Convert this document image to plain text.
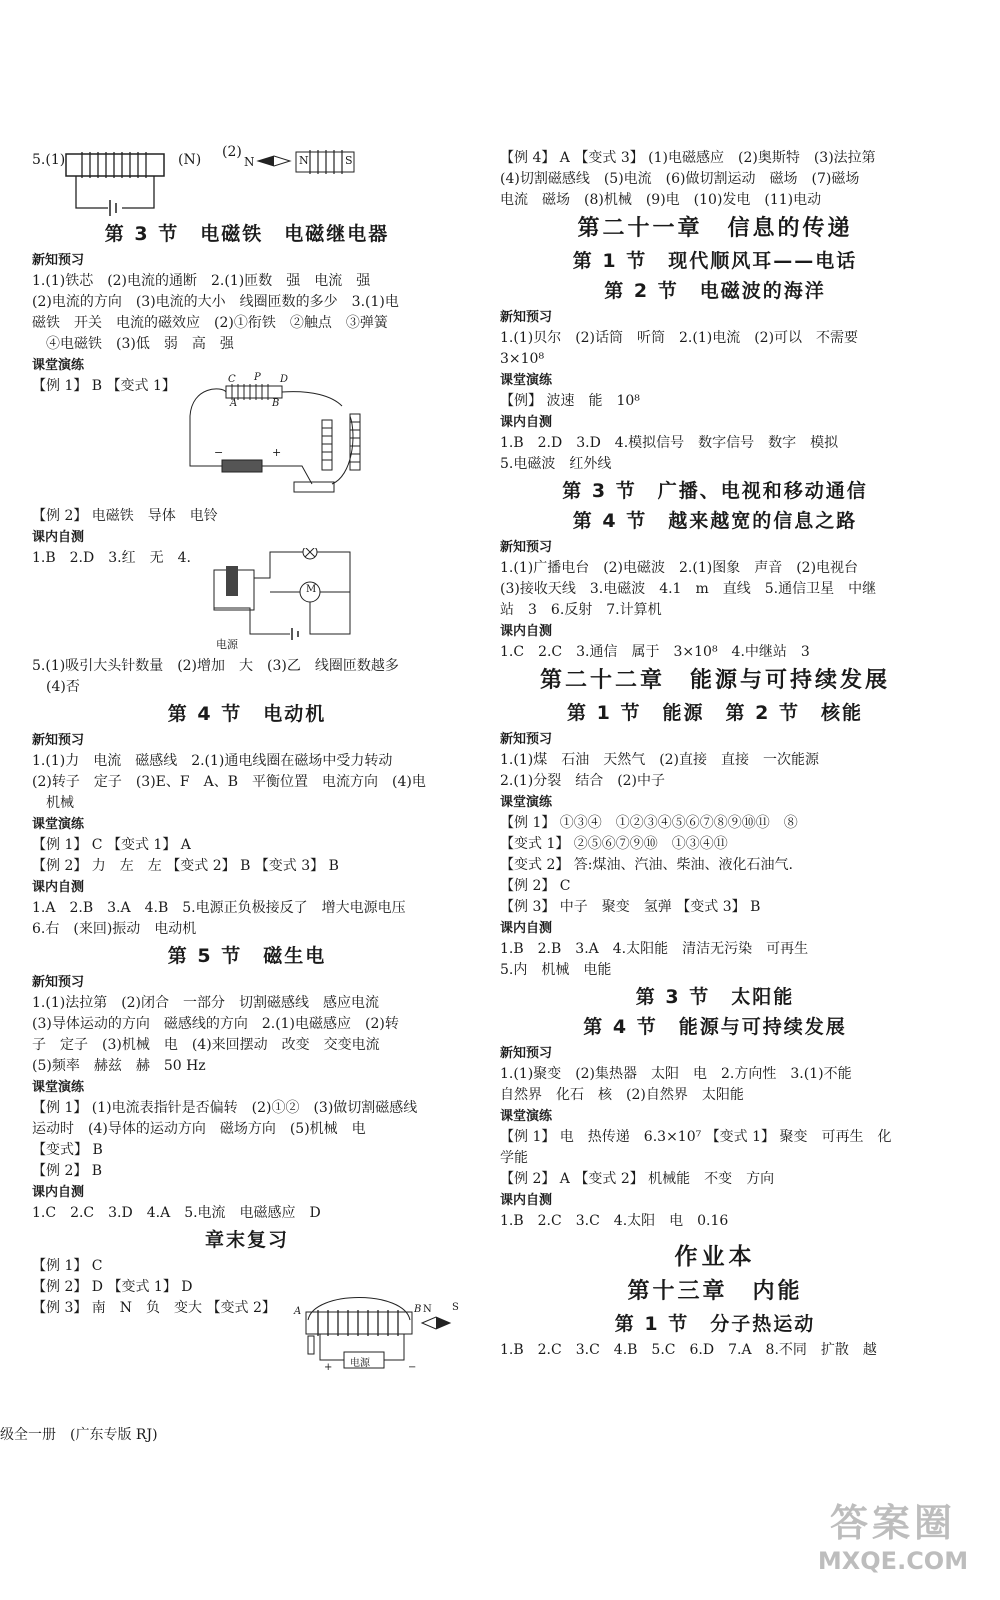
5.(1)	(N) (2)
N	N	S
第 3 节　电磁铁　电磁继电器
新知预习
1.(1)铁芯　(2)电流的通断　2.(1)匝数　强　电流　强
(2)电流的方向　(3)电流的大小　线圈匝数的多少　3.(1)电
磁铁　开关　电流的磁效应　(2)①衔铁　②触点　③弹簧
④电磁铁　(3)低　弱　高　强
课堂演练
【例 1】 B 【变式 1】	C P D
A	B
−	+
【例 2】 电磁铁　导体　电铃
课内自测
1.B　2.D　3.红　无　4.
M
电源
5.(1)吸引大头针数量　(2)增加　大　(3)乙　线圈匝数越多
(4)否
第 4 节　电动机
新知预习
1.(1)力　电流　磁感线　2.(1)通电线圈在磁场中受力转动
(2)转子　定子　(3)E、F　A、B　平衡位置　电流方向　(4)电
机械
课堂演练
【例 1】 C 【变式 1】 A
【例 2】 力　左　左 【变式 2】 B 【变式 3】 B
课内自测
1.A　2.B　3.A　4.B　5.电源正负极接反了　增大电源电压
6.右　(来回)振动　电动机
第 5 节　磁生电
新知预习
1.(1)法拉第　(2)闭合　一部分　切割磁感线　感应电流
(3)导体运动的方向　磁感线的方向　2.(1)电磁感应　(2)转
子　定子　(3)机械　电　(4)来回摆动　改变　交变电流
(5)频率　赫兹　赫　50 Hz
课堂演练
【例 1】 (1)电流表指针是否偏转　(2)①②　(3)做切割磁感线
运动时　(4)导体的运动方向　磁场方向　(5)机械　电
【变式】 B
【例 2】 B
课内自测
1.C　2.C　3.D　4.A　5.电流　电磁感应　D
章末复习
【例 1】 C
【例 2】 D 【变式 1】 D
【例 3】 南　N　负　变大 【变式 2】 A	B N S
电源
+	−
级全一册　(广东专版 RJ)
【例 4】 A 【变式 3】 (1)电磁感应　(2)奥斯特　(3)法拉第
(4)切割磁感线　(5)电流　(6)做切割运动　磁场　(7)磁场
电流　磁场　(8)机械　(9)电　(10)发电　(11)电动
第二十一章　信息的传递
第 1 节　现代顺风耳——电话
第 2 节　电磁波的海洋
新知预习
1.(1)贝尔　(2)话筒　听筒　2.(1)电流　(2)可以　不需要
3×10⁸
课堂演练
【例】 波速　能　10⁸
课内自测
1.B　2.D　3.D　4.模拟信号　数字信号　数字　模拟
5.电磁波　红外线
第 3 节　广播、电视和移动通信
第 4 节　越来越宽的信息之路
新知预习
1.(1)广播电台　(2)电磁波　2.(1)图象　声音　(2)电视台
(3)接收天线　3.电磁波　4.1　m　直线　5.通信卫星　中继
站　3　6.反射　7.计算机
课内自测
1.C　2.C　3.通信　属于　3×10⁸　4.中继站　3
第二十二章　能源与可持续发展
第 1 节　能源　第 2 节　核能
新知预习
1.(1)煤　石油　天然气　(2)直接　直接　一次能源
2.(1)分裂　结合　(2)中子
课堂演练
【例 1】 ①③④　①②③④⑤⑥⑦⑧⑨⑩⑪　⑧
【变式 1】 ②⑤⑥⑦⑨⑩　①③④⑪
【变式 2】 答:煤油、汽油、柴油、液化石油气.
【例 2】 C
【例 3】 中子　聚变　氢弹 【变式 3】 B
课内自测
1.B　2.B　3.A　4.太阳能　清洁无污染　可再生
5.内　机械　电能
第 3 节　太阳能
第 4 节　能源与可持续发展
新知预习
1.(1)聚变　(2)集热器　太阳　电　2.方向性　3.(1)不能
自然界　化石　核　(2)自然界　太阳能
课堂演练
【例 1】 电　热传递　6.3×10⁷ 【变式 1】 聚变　可再生　化
学能
【例 2】 A 【变式 2】 机械能　不变　方向
课内自测
1.B　2.C　3.C　4.太阳　电　0.16
作业本
第十三章　内能
第 1 节　分子热运动
1.B　2.C　3.C　4.B　5.C　6.D　7.A　8.不同　扩散　越
答案圈
MXQE.COM
